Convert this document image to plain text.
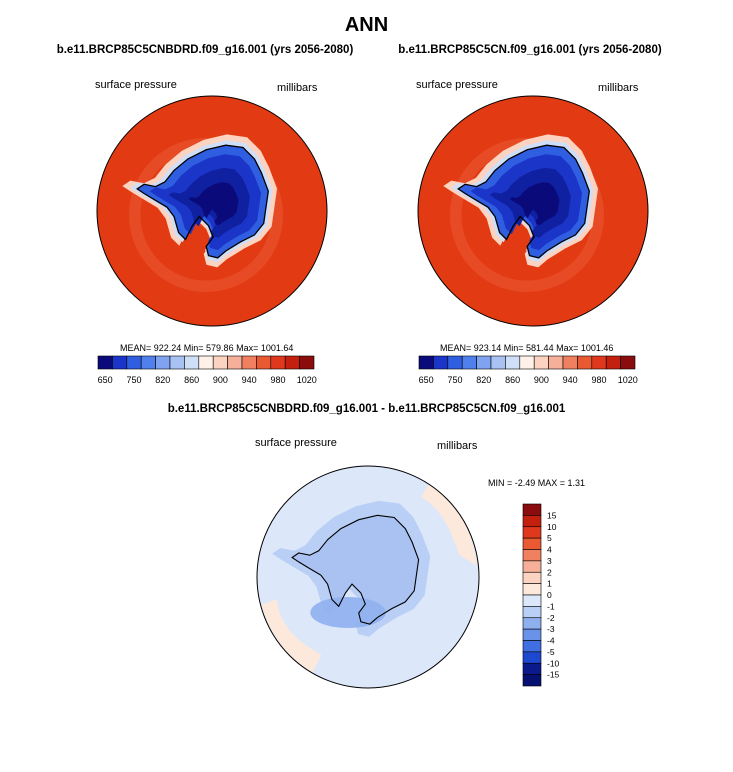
ANN
b.e11.BRCP85C5CNBDRD.f09_g16.001 (yrs 2056-2080)
surface pressure	millibars
MEAN= 922.24 Min= 579.86 Max= 1001.64
650 750 820 860 900 940 980 1020
b.e11.BRCP85C5CN.f09_g16.001 (yrs 2056-2080)
surface pressure	millibars
MEAN= 923.14 Min= 581.44 Max= 1001.46
650 750 820 860 900 940 980 1020
b.e11.BRCP85C5CNBDRD.f09_g16.001 - b.e11.BRCP85C5CN.f09_g16.001
surface pressure	millibars
MIN = -2.49 MAX = 1.31
15
10
5
4
3
2
1
0
-1
-2
-3
-4
-5
-10
-15
